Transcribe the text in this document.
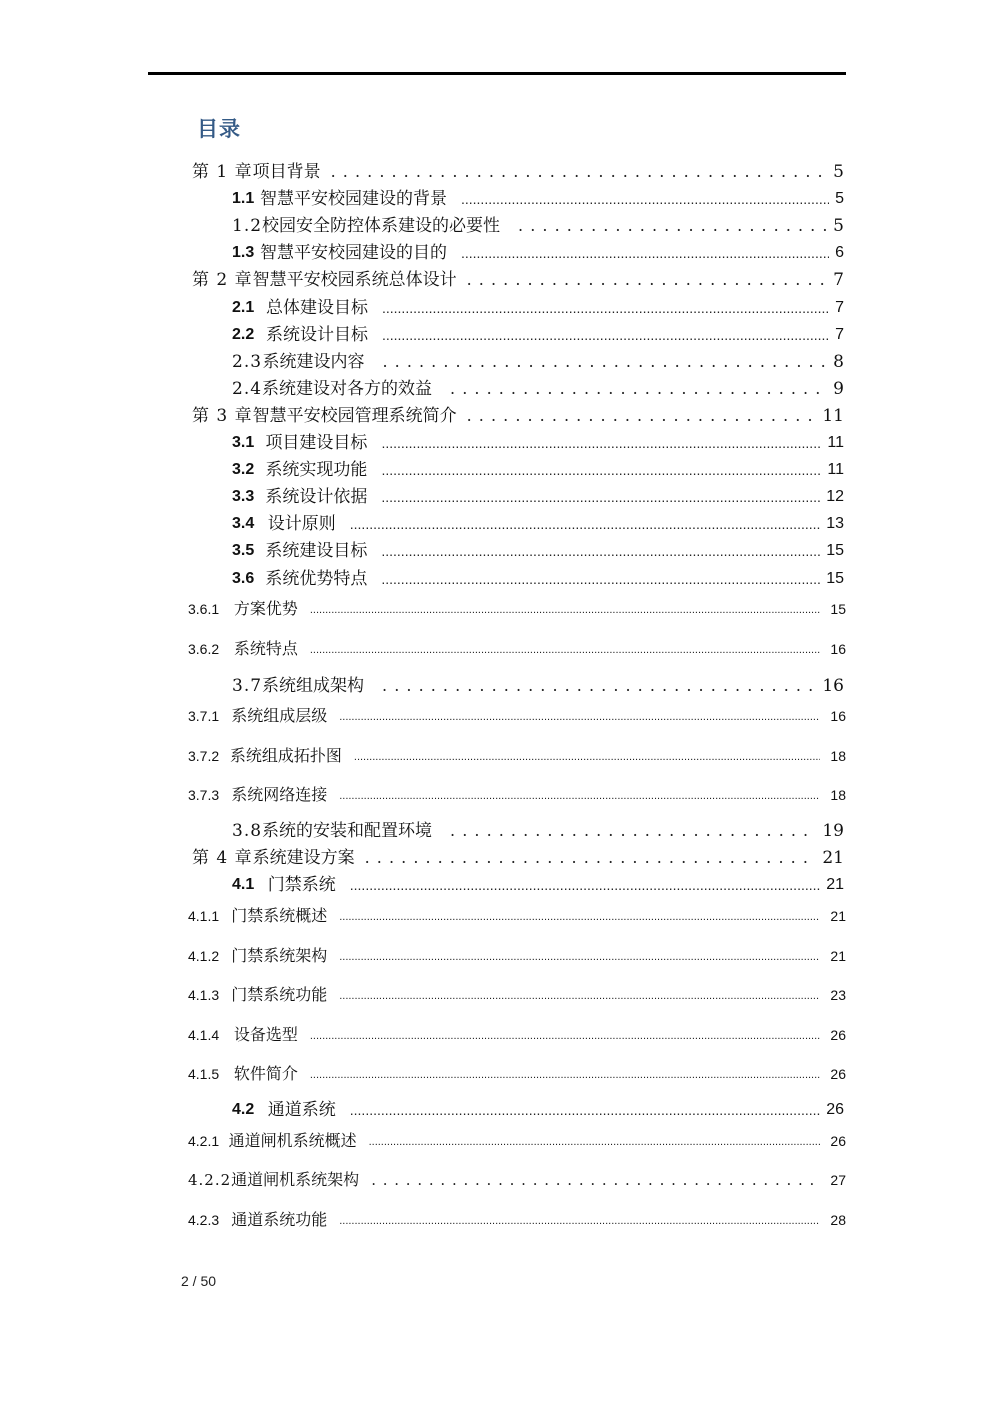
目录
第 1 章 项目背景 . . .	5
1.1 智慧平安校园建设的背景 .....	5
1.2 校园安全防控体系建设的必要性 . . .	5
1.3 智慧平安校园建设的目的 .....	6
第 2 章 智慧平安校园系统总体设计 . . .	7
2.1 总体建设目标 .....	7
2.2 系统设计目标 .....	7
2.3 系统建设内容 . . .	8
2.4 系统建设对各方的效益 . . .	9
第 3 章 智慧平安校园管理系统简介 . . .	11
3.1 项目建设目标 .....	11
3.2 系统实现功能 .....	11
3.3 系统设计依据 .....	12
3.4 设计原则 .....	13
3.5 系统建设目标 .....	15
3.6 系统优势特点 .....	15
3.6.1 方案优势 .....	15
3.6.2 系统特点 .....	16
3.7 系统组成架构 . . .	16
3.7.1 系统组成层级 .....	16
3.7.2 系统组成拓扑图 .....	18
3.7.3 系统网络连接 .....	18
3.8 系统的安装和配置环境 . . .	19
第 4 章 系统建设方案 . . .	21
4.1 门禁系统 .....	21
4.1.1 门禁系统概述 .....	21
4.1.2 门禁系统架构 .....	21
4.1.3 门禁系统功能 .....	23
4.1.4 设备选型 .....	26
4.1.5 软件简介 .....	26
4.2 通道系统 .....	26
4.2.1 通道闸机系统概述 .....	26
4.2.2 通道闸机系统架构 . . .	27
4.2.3 通道系统功能 .....	28
2 / 50
